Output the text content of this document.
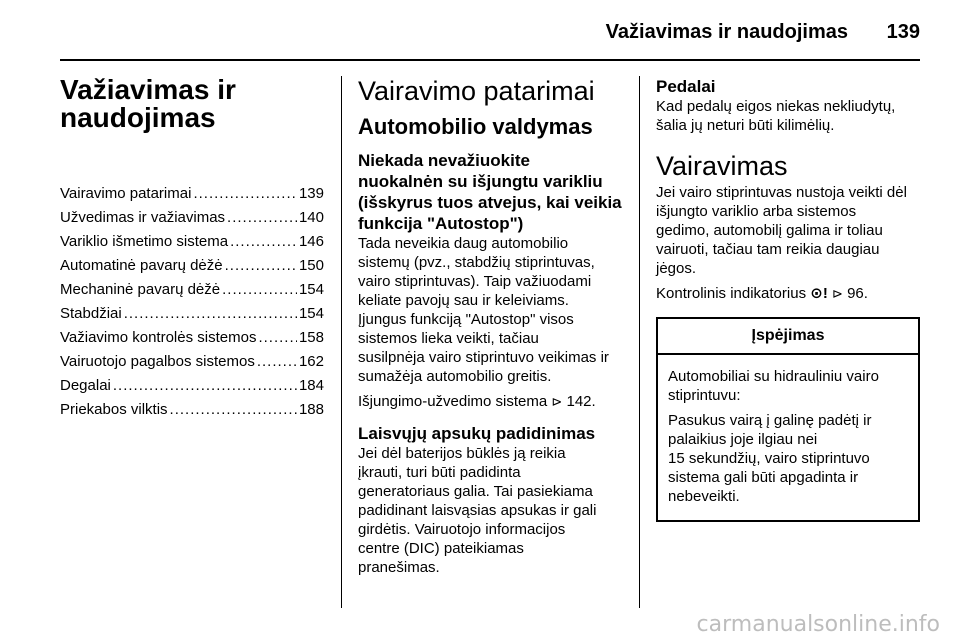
Važiavimas ir naudojimas	139
Važiavimas ir
naudojimas
Vairavimo patarimai .....	139
Užvedimas ir važiavimas .....	140
Variklio išmetimo sistema .....	146
Automatinė pavarų dėžė .....	150
Mechaninė pavarų dėžė .....	154
Stabdžiai .....	154
Važiavimo kontrolės sistemos .....	158
Vairuotojo pagalbos sistemos .....	162
Degalai .....	184
Priekabos vilktis .....	188
Vairavimo patarimai
Automobilio valdymas
Niekada nevažiuokite
nuokalnėn su išjungtu varikliu
(išskyrus tuos atvejus, kai veikia
funkcija "Autostop")
Tada neveikia daug automobilio
sistemų (pvz., stabdžių stiprintuvas,
vairo stiprintuvas). Taip važiuodami
keliate pavojų sau ir keleiviams.
Įjungus funkciją "Autostop" visos
sistemos lieka veikti, tačiau
susilpnėja vairo stiprintuvo veikimas ir
sumažėja automobilio greitis.
Išjungimo-užvedimo sistema ⊳ 142.
Laisvųjų apsukų padidinimas
Jei dėl baterijos būklės ją reikia
įkrauti, turi būti padidinta
generatoriaus galia. Tai pasiekiama
padidinant laisvąsias apsukas ir gali
girdėtis. Vairuotojo informacijos
centre (DIC) pateikiamas
pranešimas.
Pedalai
Kad pedalų eigos niekas nekliudytų,
šalia jų neturi būti kilimėlių.
Vairavimas
Jei vairo stiprintuvas nustoja veikti dėl
išjungto variklio arba sistemos
gedimo, automobilį galima ir toliau
vairuoti, tačiau tam reikia daugiau
jėgos.
Kontrolinis indikatorius ⊙! ⊳ 96.
Įspėjimas
Automobiliai su hidrauliniu vairo
stiprintuvu:
Pasukus vairą į galinę padėtį ir
palaikius joje ilgiau nei
15 sekundžių, vairo stiprintuvo
sistema gali būti apgadinta ir
nebeveikti.
carmanualsonline.info
